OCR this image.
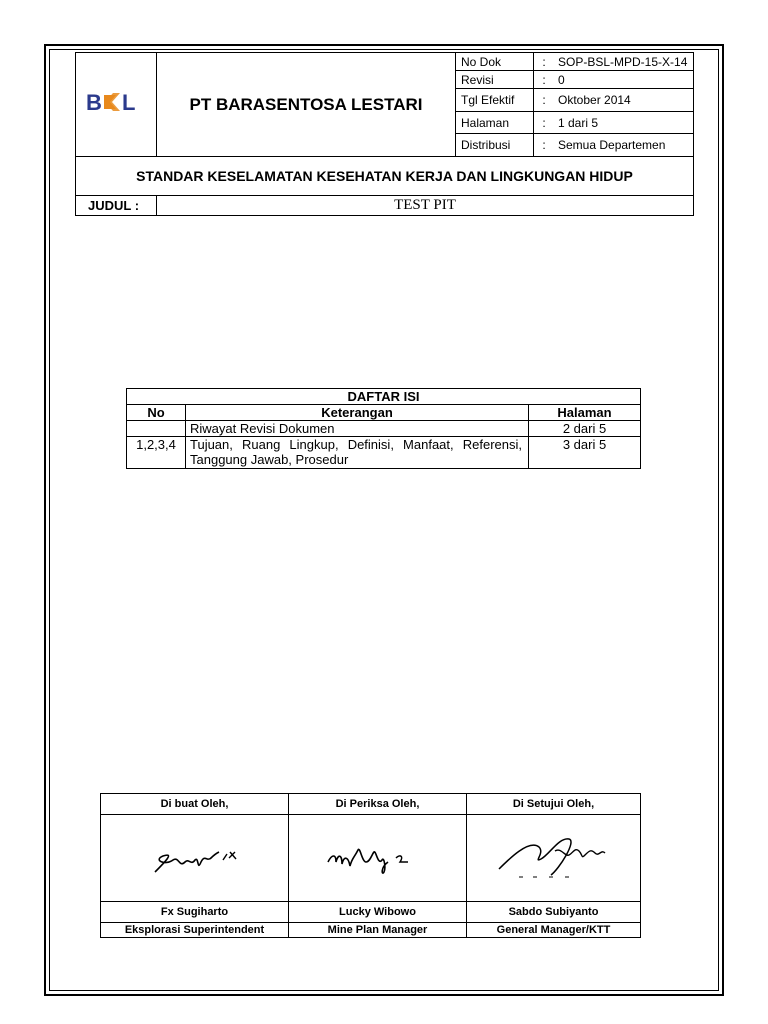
B L	PT BARASENTOSA LESTARI	No Dok	:	SOP-BSL-MPD-15-X-14
		Revisi	:	0
		Tgl Efektif	:	Oktober 2014
		Halaman	:	1 dari 5
		Distribusi	:	Semua Departemen
STANDAR KESELAMATAN KESEHATAN KERJA DAN LINGKUNGAN HIDUP				
JUDUL :	TEST PIT			
DAFTAR ISI		
No	Keterangan	Halaman
	Riwayat Revisi Dokumen	2 dari 5
1,2,3,4	Tujuan, Ruang Lingkup, Definisi, Manfaat, Referensi, Tanggung Jawab, Prosedur	3 dari 5
Di buat Oleh,	Di Periksa Oleh,	Di Setujui Oleh,

Fx Sugiharto	Lucky Wibowo	Sabdo Subiyanto
Eksplorasi Superintendent	Mine Plan Manager	General Manager/KTT
